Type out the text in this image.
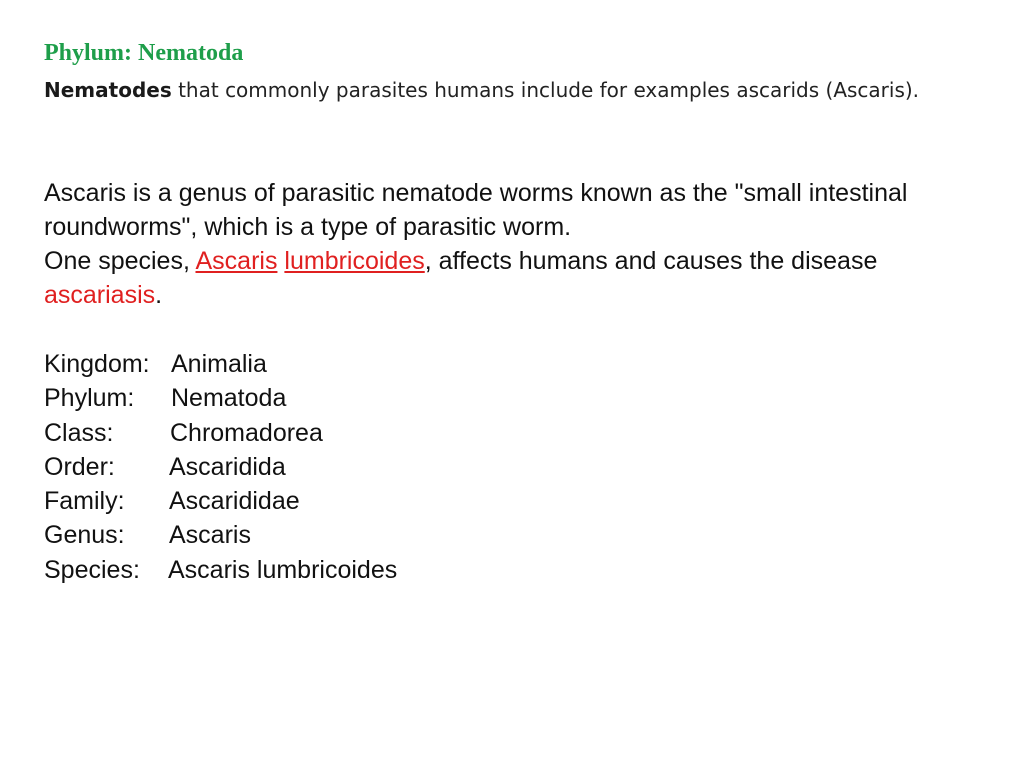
Phylum: Nematoda
Nematodes that commonly parasites humans include for examples ascarids (Ascaris).
Ascaris is a genus of parasitic nematode worms known as the "small intestinal roundworms", which is a type of parasitic worm.
One species, Ascaris lumbricoides, affects humans and causes the disease ascariasis.
Kingdom: Animalia
Phylum: Nematoda
Class: Chromadorea
Order: Ascaridida
Family: Ascarididae
Genus: Ascaris
Species: Ascaris lumbricoides
